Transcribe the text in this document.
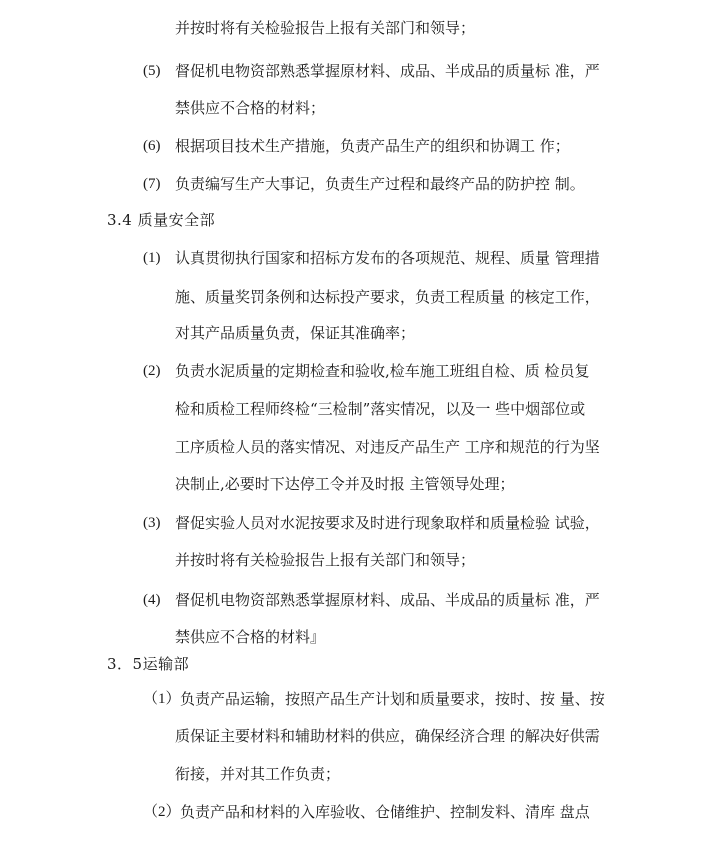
并按时将有关检验报告上报有关部门和领导；
(5) 督促机电物资部熟悉掌握原材料、成品、半成品的质量标 准，严
禁供应不合格的材料；
(6) 根据项目技术生产措施，负责产品生产的组织和协调工 作；
(7) 负责编写生产大事记，负责生产过程和最终产品的防护控 制。
3.4 质量安全部
(1) 认真贯彻执行国家和招标方发布的各项规范、规程、质量 管理措
施、质量奖罚条例和达标投产要求，负责工程质量 的核定工作，
对其产品质量负责，保证其准确率；
(2) 负责水泥质量的定期检查和验收,检车施工班组自检、质 检员复
检和质检工程师终检“三检制”落实情况，以及一 些中烟部位或
工序质检人员的落实情况、对违反产品生产 工序和规范的行为坚
决制止,必要时下达停工令并及时报 主管领导处理；
(3) 督促实验人员对水泥按要求及时进行现象取样和质量检验 试验，
并按时将有关检验报告上报有关部门和领导；
(4) 督促机电物资部熟悉掌握原材料、成品、半成品的质量标 准，严
禁供应不合格的材料』
3．5运输部
（1） 负责产品运输，按照产品生产计划和质量要求，按时、按 量、按
质保证主要材料和辅助材料的供应，确保经济合理 的解决好供需
衔接，并对其工作负责；
（2） 负责产品和材料的入库验收、仓储维护、控制发料、清库 盘点
